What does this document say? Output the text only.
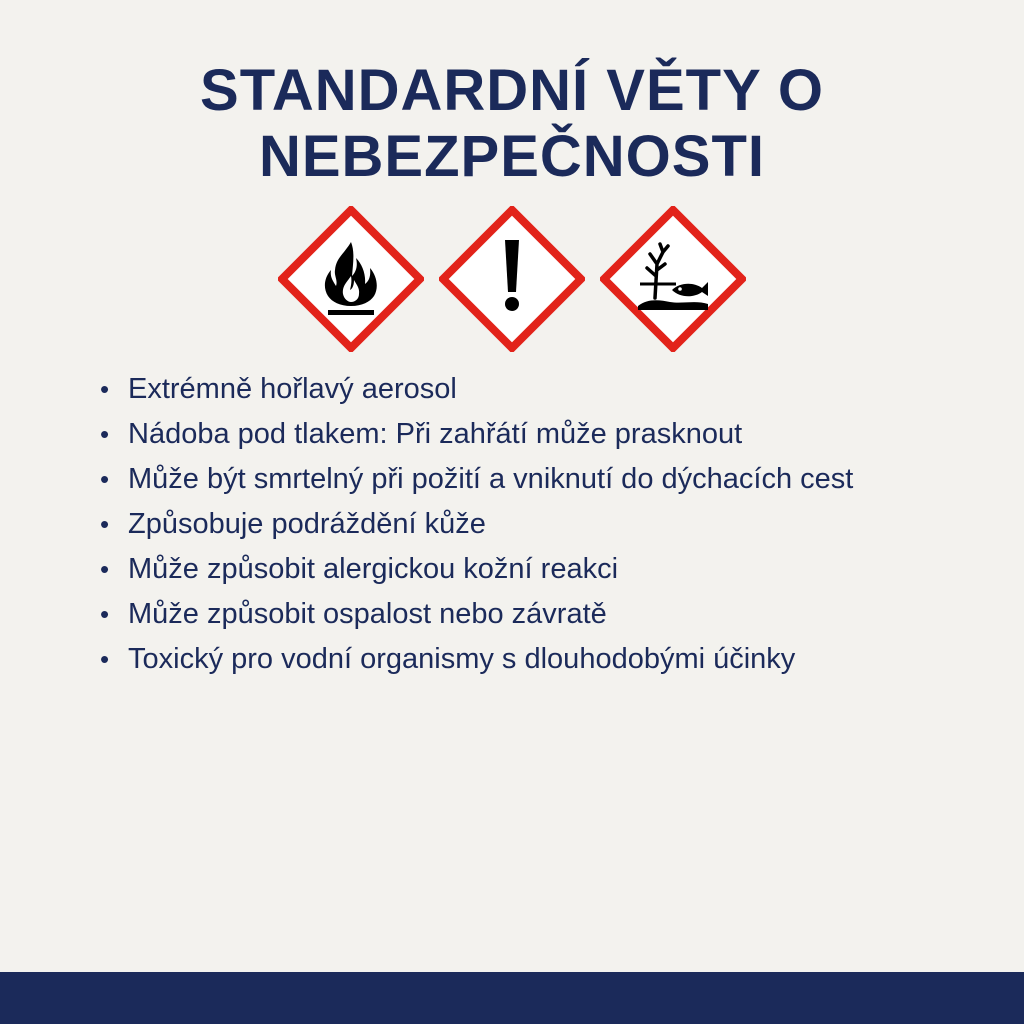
STANDARDNÍ VĚTY O
NEBEZPEČNOSTI
• Extrémně hořlavý aerosol
• Nádoba pod tlakem: Při zahřátí může prasknout
• Může být smrtelný při požití a vniknutí do dýchacích cest
• Způsobuje podráždění kůže
• Může způsobit alergickou kožní reakci
• Může způsobit ospalost nebo závratě
• Toxický pro vodní organismy s dlouhodobými účinky
